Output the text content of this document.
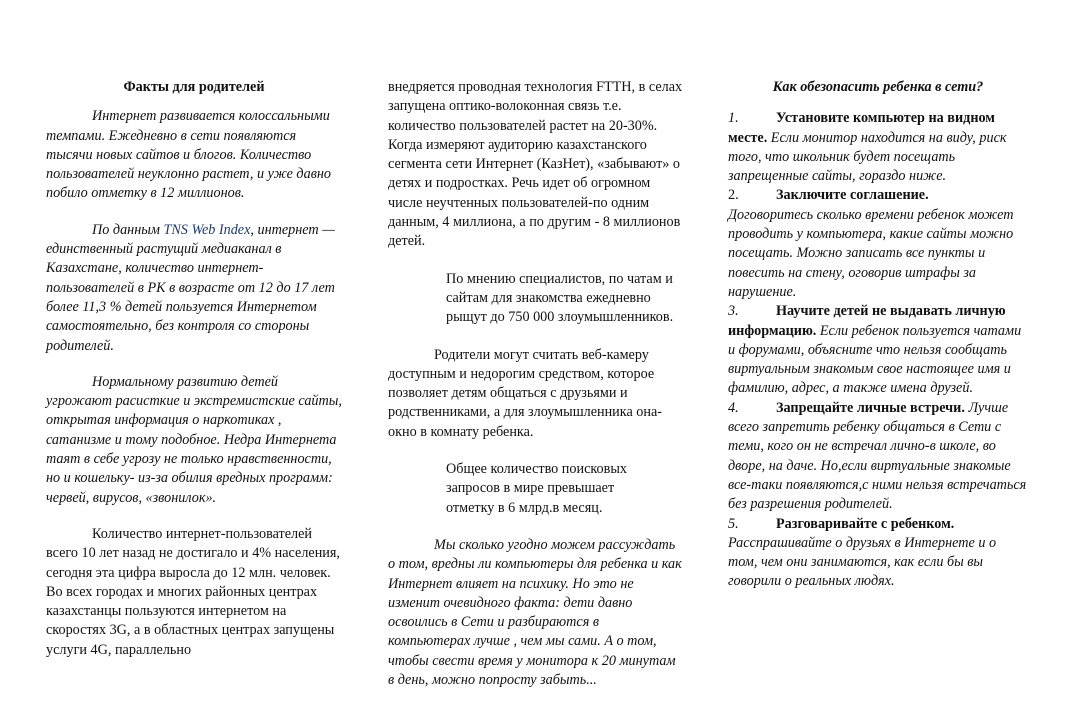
Факты для родителей

Интернет развивается колоссальными темпами. Ежедневно в сети появляются тысячи новых сайтов и блогов. Количество пользователей неуклонно растет, и уже давно побило отметку в 12 миллионов.

По данным TNS Web Index, интернет — единственный растущий медиаканал в Казахстане, количество интернет-пользователей в РК в возрасте от 12 до 17 лет более 11,3 % детей пользуется Интернетом самостоятельно, без контроля со стороны родителей.

Нормальному развитию детей угрожают расисткие и экстремистские сайты, открытая информация о наркотиках , сатанизме и тому подобное. Недра Интернета таят в себе угрозу не только нравственности, но и кошельку- из-за обилия вредных программ: червей, вирусов, «звонилок».

Количество интернет-пользователей всего 10 лет назад не достигало и 4% населения, сегодня эта цифра выросла до 12 млн. человек. Во всех городах и многих районных центрах казахстанцы пользуются интернетом на скоростях 3G, а в областных центрах запущены услуги 4G, параллельно

внедряется проводная технология FTTH, в селах запущена оптико-волоконная связь т.е. количество пользователей растет на 20-30%. Когда измеряют аудиторию казахстанского сегмента сети Интернет (КазНет), «забывают» о детях и подростках. Речь идет об огромном числе неучтенных пользователей-по одним данным, 4 миллиона, а по другим - 8 миллионов детей.

По мнению специалистов, по чатам и сайтам для знакомства ежедневно рыщут до 750 000 злоумышленников.

Родители могут считать веб-камеру доступным и недорогим средством, которое позволяет детям общаться с друзьями и родственниками, а для злоумышленника она- окно в комнату ребенка.

Общее количество поисковых запросов в мире превышает отметку в 6 млрд.в месяц.

Мы сколько угодно можем рассуждать о том, вредны ли компьютеры для ребенка и как Интернет влияет на психику. Но это не изменит очевидного факта: дети давно освоились в Сети и разбираются в компьютерах лучше , чем мы сами. А о том, чтобы свести время у монитора к 20 минутам в день, можно попросту забыть...

Как обезопасить ребенка в сети?

1.	Установите компьютер на видном месте. Если монитор находится на виду, риск того, что школьник будет посещать запрещенные сайты, гораздо ниже.

2.	Заключите соглашение.
Договоритесь сколько времени ребенок может проводить у компьютера, какие сайты можно посещать. Можно записать все пункты и повесить на стену, оговорив штрафы за нарушение.

3.	Научите детей не выдавать личную информацию. Если ребенок пользуется чатами и форумами, объясните что нельзя сообщать виртуальным знакомым свое настоящее имя и фамилию, адрес, а также имена друзей.

4.	Запрещайте личные встречи. Лучше всего запретить ребенку общаться в Сети с теми, кого он не встречал лично-в школе, во дворе, на даче. Но,если виртуальные знакомые все-таки появляются,с ними нельзя встречаться без разрешения родителей.

5.	Разговаривайте с ребенком.
Расспрашивайте о друзьях в Интернете и о том, чем они занимаются, как если бы вы говорили о реальных людях.
